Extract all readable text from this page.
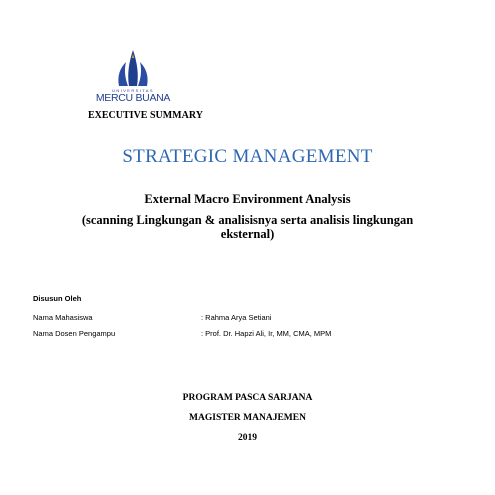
UNIVERSITAS
MERCU BUANA
EXECUTIVE SUMMARY
STRATEGIC MANAGEMENT
External Macro Environment Analysis
(scanning Lingkungan & analisisnya serta analisis lingkungan eksternal)
Disusun Oleh
Nama Mahasiswa	: Rahma Arya Setiani
Nama Dosen Pengampu	: Prof. Dr. Hapzi Ali, Ir, MM, CMA, MPM
PROGRAM PASCA SARJANA
MAGISTER MANAJEMEN
2019
